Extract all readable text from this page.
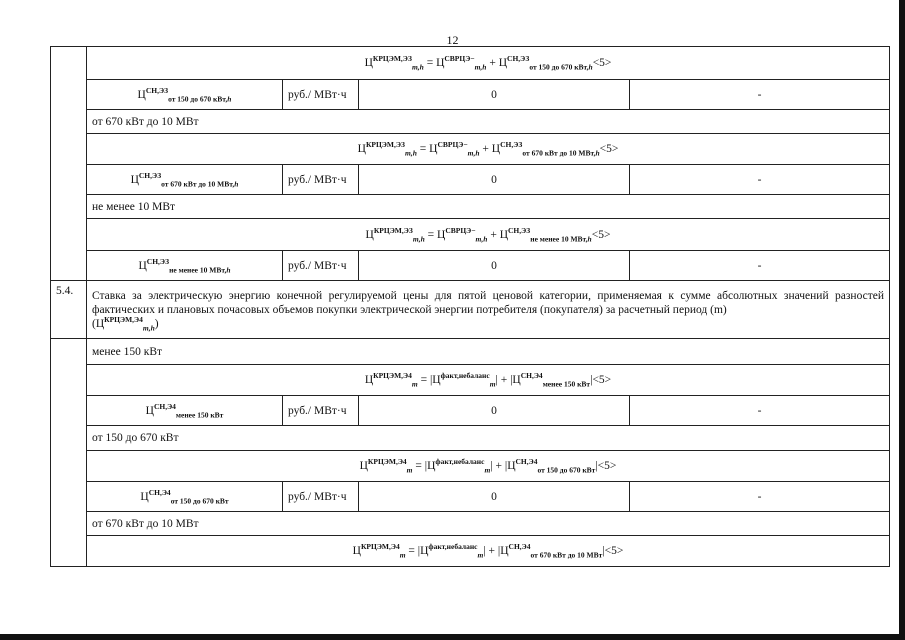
12
	$Ц^{КРЦЭМ,ЭЗ}_{m,h} = Ц^{СВРЦЭ-}_{m,h} + Ц^{СН,ЭЗ}_{от 150 до 670 кВт,h}<5>$			
	$Ц^{СН,ЭЗ}_{от 150 до 670 кВт,h}$	руб./ МВт·ч	0	-
	от 670 кВт до 10 МВт			
	$Ц^{КРЦЭМ,ЭЗ}_{m,h} = Ц^{СВРЦЭ-}_{m,h} + Ц^{СН,ЭЗ}_{от 670 кВт до 10 МВт,h}<5>$			
	$Ц^{СН,ЭЗ}_{от 670 кВт до 10 МВт,h}$	руб./ МВт·ч	0	-
	не менее 10 МВт			
	$Ц^{КРЦЭМ,ЭЗ}_{m,h} = Ц^{СВРЦЭ-}_{m,h} + Ц^{СН,ЭЗ}_{не менее 10 МВт,h}<5>$			
	$Ц^{СН,ЭЗ}_{не менее 10 МВт,h}$	руб./ МВт·ч	0	-
5.4.	Ставка за электрическую энергию конечной регулируемой цены для пятой ценовой категории, применяемая к сумме абсолютных значений разностей фактических и плановых почасовых объемов покупки электрической энергии потребителя (покупателя) за расчетный период (m)
$(Ц^{КРЦЭМ,Э4}_{m,h})$			
	менее 150 кВт			
	$Ц^{КРЦЭМ,Э4}_m = |Ц^{факт,небаланс}_m| + |Ц^{СН,Э4}_{менее 150 кВт}|<5>$			
	$Ц^{СН,Э4}_{менее 150 кВт}$	руб./ МВт·ч	0	-
	от 150 до 670 кВт			
	$Ц^{КРЦЭМ,Э4}_m = |Ц^{факт,небаланс}_m| + |Ц^{СН,Э4}_{от 150 до 670 кВт}|<5>$			
	$Ц^{СН,Э4}_{от 150 до 670 кВт}$	руб./ МВт·ч	0	-
	от 670 кВт до 10 МВт			
	$Ц^{КРЦЭМ,Э4}_m = |Ц^{факт,небаланс}_m| + |Ц^{СН,Э4}_{от 670 кВт до 10 МВт}|<5>$			
